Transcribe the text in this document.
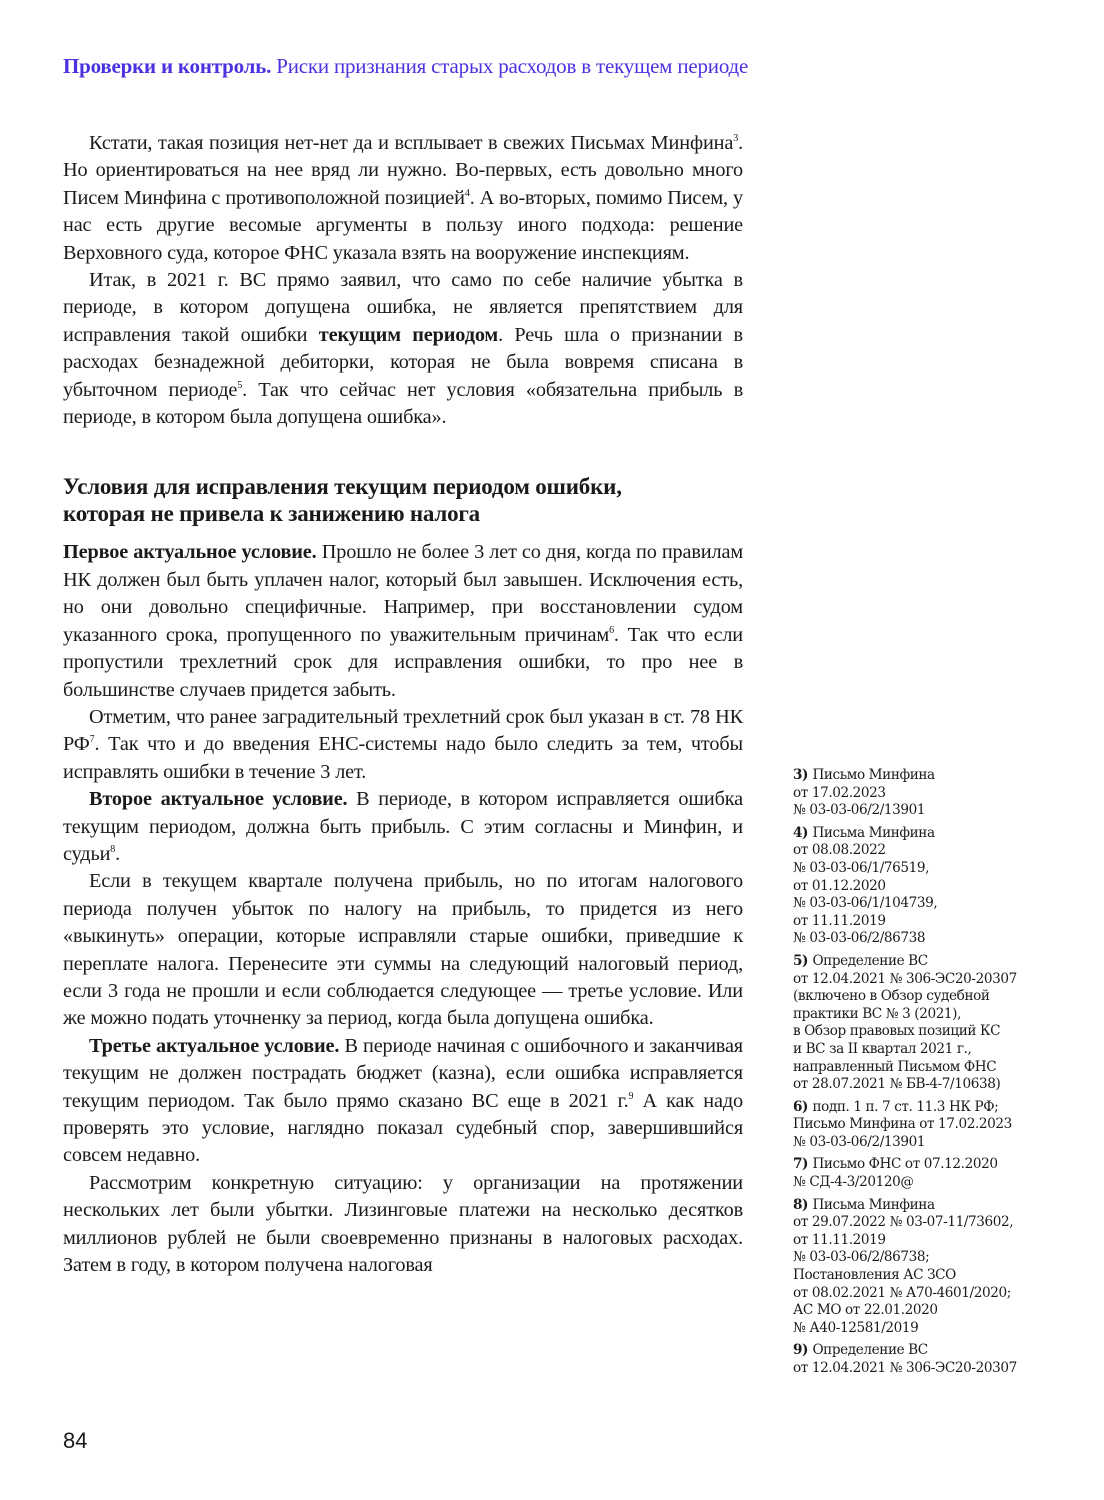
Проверки и контроль. Риски признания старых расходов в текущем периоде

Кстати, такая позиция нет-нет да и всплывает в свежих Письмах Минфина$^3$. Но ориентироваться на нее вряд ли нужно. Во-первых, есть довольно много Писем Минфина с противоположной позицией$^4$. А во-вторых, помимо Писем, у нас есть другие весомые аргументы в пользу иного подхода: решение Верховного суда, которое ФНС указала взять на вооружение инспекциям.

Итак, в 2021 г. ВС прямо заявил, что само по себе наличие убытка в периоде, в котором допущена ошибка, не является препятствием для исправления такой ошибки текущим периодом. Речь шла о признании в расходах безнадежной дебиторки, которая не была вовремя списана в убыточном периоде$^5$. Так что сейчас нет условия «обязательна прибыль в периоде, в котором была допущена ошибка».

Условия для исправления текущим периодом ошибки, которая не привела к занижению налога

Первое актуальное условие. Прошло не более 3 лет со дня, когда по правилам НК должен был быть уплачен налог, который был завышен. Исключения есть, но они довольно специфичные. Например, при восстановлении судом указанного срока, пропущенного по уважительным причинам$^6$. Так что если пропустили трехлетний срок для исправления ошибки, то про нее в большинстве случаев придется забыть.

Отметим, что ранее заградительный трехлетний срок был указан в ст. 78 НК $РФ^7$. Так что и до введения ЕНС-системы надо было следить за тем, чтобы исправлять ошибки в течение 3 лет.

Второе актуальное условие. В периоде, в котором исправляется ошибка текущим периодом, должна быть прибыль. С этим согласны и Минфин, и судьи$^8$.

Если в текущем квартале получена прибыль, но по итогам налогового периода получен убыток по налогу на прибыль, то придется из него «выкинуть» операции, которые исправляли старые ошибки, приведшие к переплате налога. Перенесите эти суммы на следующий налоговый период, если 3 года не прошли и если соблюдается следующее — третье условие. Или же можно подать уточненку за период, когда была допущена ошибка.

Третье актуальное условие. В периоде начиная с ошибочного и заканчивая текущим не должен пострадать бюджет (казна), если ошибка исправляется текущим периодом. Так было прямо сказано ВС еще в 2021 г.$^9$ А как надо проверять это условие, наглядно показал судебный спор, завершившийся совсем недавно.

Рассмотрим конкретную ситуацию: у организации на протяжении нескольких лет были убытки. Лизинговые платежи на несколько десятков миллионов рублей не были своевременно признаны в налоговых расходах. Затем в году, в котором получена налоговая

3) Письмо Минфина
от 17.02.2023
№ 03-03-06/2/13901
4) Письма Минфина
от 08.08.2022
№ 03-03-06/1/76519,
от 01.12.2020
№ 03-03-06/1/104739,
от 11.11.2019
№ 03-03-06/2/86738
5) Определение ВС
от 12.04.2021 № 306-ЭС20-20307
(включено в Обзор судебной
практики ВС № 3 (2021),
в Обзор правовых позиций КС
и ВС за II квартал 2021 г.,
направленный Письмом ФНС
от 28.07.2021 № БВ-4-7/10638)
6) подп. 1 п. 7 ст. 11.3 НК РФ;
Письмо Минфина от 17.02.2023
№ 03-03-06/2/13901
7) Письмо ФНС от 07.12.2020
№ СД-4-3/20120@
8) Письма Минфина
от 29.07.2022 № 03-07-11/73602,
от 11.11.2019
№ 03-03-06/2/86738;
Постановления АС ЗСО
от 08.02.2021 № А70-4601/2020;
АС МО от 22.01.2020
№ А40-12581/2019
9) Определение ВС
от 12.04.2021 № 306-ЭС20-20307
84
